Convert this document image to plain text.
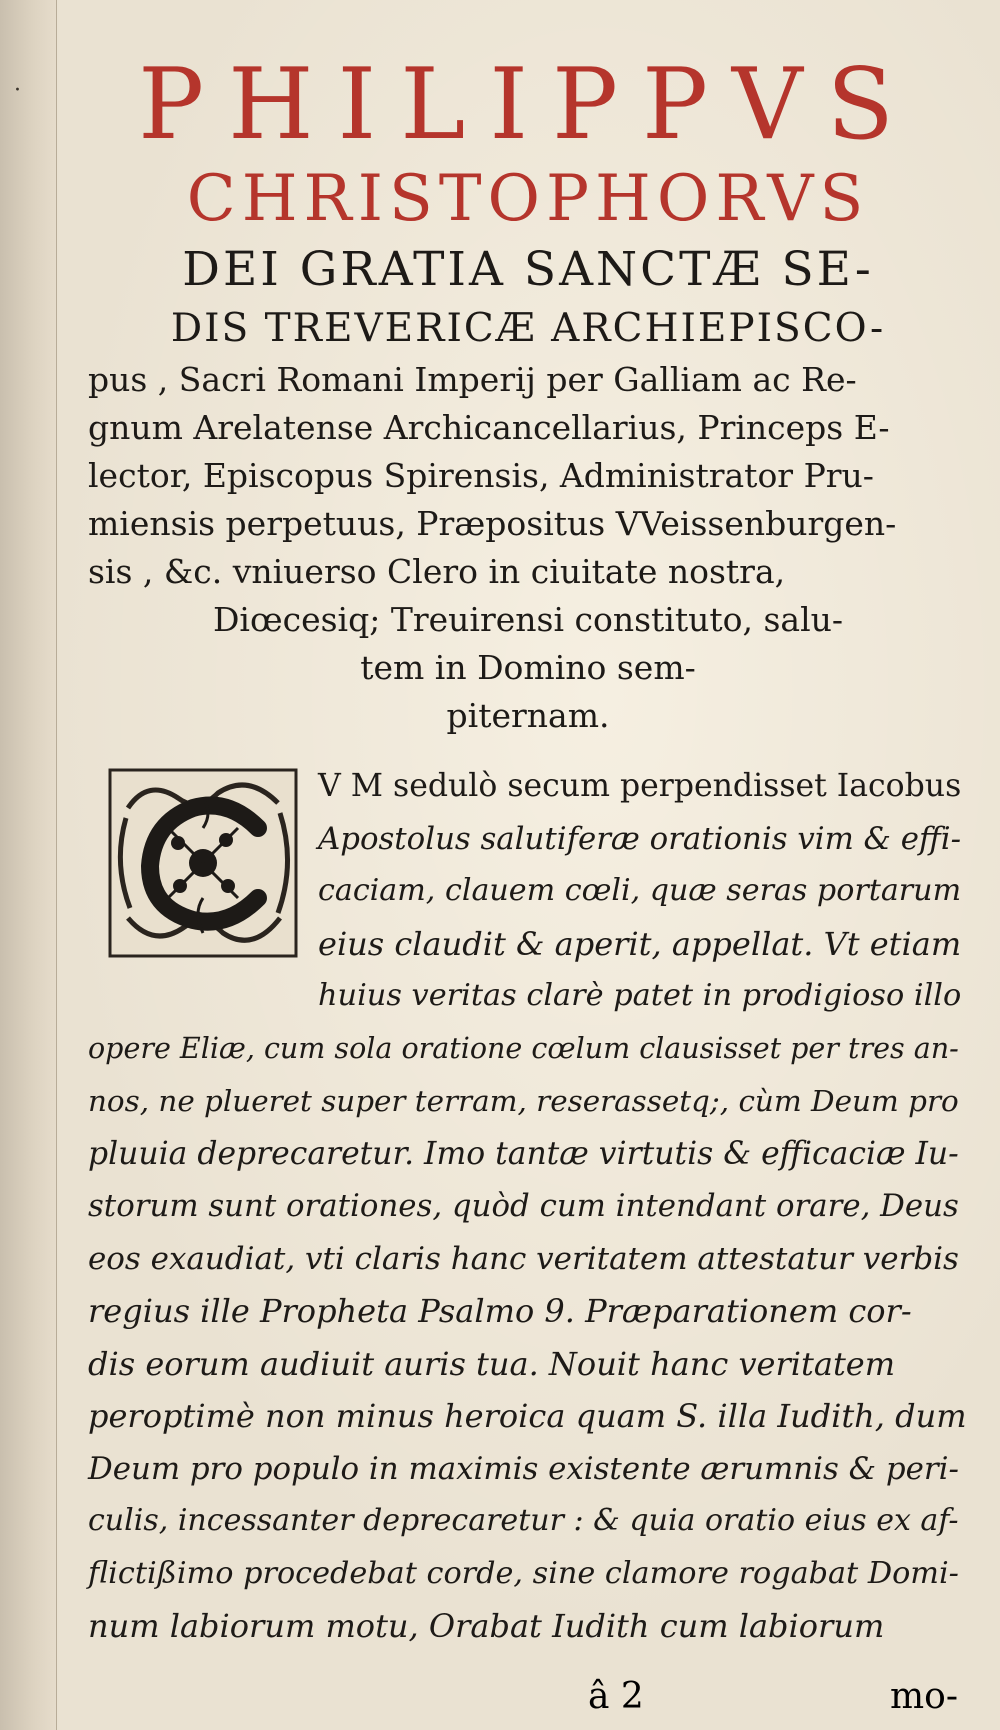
·	PHILIPPVS

CHRISTOPHORVS

DEI GRATIA SANCTÆ SE-

DIS TREVERICÆ ARCHIEPISCO-

pus , Sacri Romani Imperij per Galliam ac Re-

gnum Arelatense Archicancellarius, Princeps E-

lector, Episcopus Spirensis, Administrator Pru-

miensis perpetuus, Præpositus VVeissenburgen-

sis , &c. vniuerso Clero in ciuitate nostra,

Diœcesiq; Treuirensi constituto, salu-

tem in Domino sem-

piternam.

V M sedulò secum perpendisset Iacobus

Apostolus salutiferæ orationis vim & effi-

caciam, clauem cœli, quæ seras portarum

eius claudit & aperit, appellat. Vt etiam

huius veritas clarè patet in prodigioso illo

opere Eliæ, cum sola oratione cœlum clausisset per tres an-

nos, ne plueret super terram, reserassetq;, cùm Deum pro

pluuia deprecaretur. Imo tantæ virtutis & efficaciæ Iu-

storum sunt orationes, quòd cum intendant orare, Deus

eos exaudiat, vti claris hanc veritatem attestatur verbis

regius ille Propheta Psalmo 9. Præparationem cor-

dis eorum audiuit auris tua. Nouit hanc veritatem

peroptimè non minus heroica quam S. illa Iudith, dum

Deum pro populo in maximis existente ærumnis & peri-

culis, incessanter deprecaretur : & quia oratio eius ex af-

flictißimo procedebat corde, sine clamore rogabat Domi-

num labiorum motu, Orabat Iudith cum labiorum

â 2	mo-
